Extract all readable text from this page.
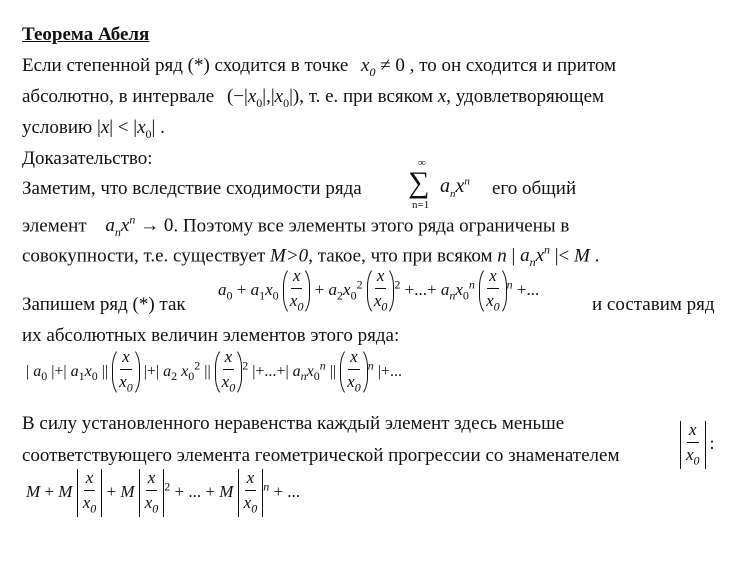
Теорема Абеля
Если степенной ряд (*) сходится в точке $x_0 \ne 0$ , то он сходится и притом
абсолютно, в интервале $(-|x_0|,|x_0|)$, т. е. при всяком x, удовлетворяющем
условию $|x| < |x_0|$ .
Доказательство:
Заметим, что вследствие сходимости ряда
∞
∑
n=1
$a_nx^n$ его общий
элемент $a_nx^n \to 0$. Поэтому все элементы этого ряда ограничены в
совокупности, т.е. существует M>0, такое, что при всяком n | $a_nx^n$ |< M .
Запишем ряд (*) так
$a_0 + a_1x_0 \frac{x}{x_0} + a_2x_0^2 \frac{x}{x_0} ^2$ +...+ $a_nx_0^n \frac{x}{x_0} ^n$ +...
и составим ряд
их абсолютных величин элементов этого ряда:
| $a_0$ |+| $a_1x_0$ || $\frac{x}{x_0}$ |+| $a_2$ $x_0^2$ || $\frac{x}{x_0} ^2$ |+...+| $a_nx_0^n$ || $\frac{x}{x_0} ^n$ |+...
В силу установленного неравенства каждый элемент здесь меньше
соответствующего элемента геометрической прогрессии со знаменателем	$\frac{x}{x_0}$ :
M + M $\frac{x}{x_0} + M \frac{x}{x_0} ^2$ + ... + M $\frac{x}{x_0} ^n$ + ...
